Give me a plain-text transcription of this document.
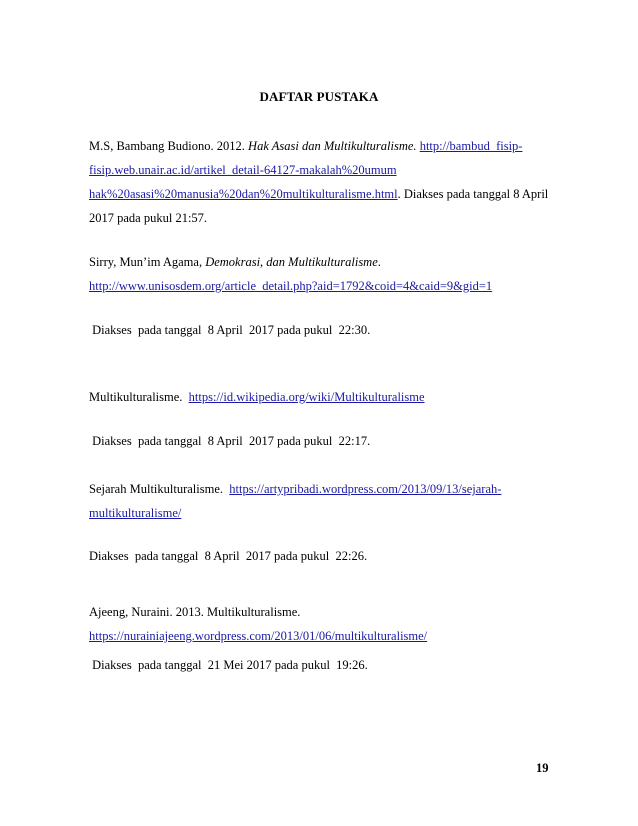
DAFTAR PUSTAKA
M.S, Bambang Budiono. 2012. Hak Asasi dan Multikulturalisme. http://bambud_fisip-
fisip.web.unair.ac.id/artikel_detail-64127-makalah%20umum
hak%20asasi%20manusia%20dan%20multikulturalisme.html. Diakses pada tanggal 8 April
2017 pada pukul 21:57.
Sirry, Mun’im Agama, Demokrasi, dan Multikulturalisme.
http://www.unisosdem.org/article_detail.php?aid=1792&coid=4&caid=9&gid=1
Diakses  pada tanggal  8 April  2017 pada pukul  22:30.
Multikulturalisme. https://id.wikipedia.org/wiki/Multikulturalisme
Diakses  pada tanggal  8 April  2017 pada pukul  22:17.
Sejarah Multikulturalisme. https://artypribadi.wordpress.com/2013/09/13/sejarah-
multikulturalisme/
Diakses  pada tanggal  8 April  2017 pada pukul  22:26.
Ajeeng, Nuraini. 2013. Multikulturalisme.
https://nurainiajeeng.wordpress.com/2013/01/06/multikulturalisme/
Diakses  pada tanggal  21 Mei 2017 pada pukul  19:26.
19
